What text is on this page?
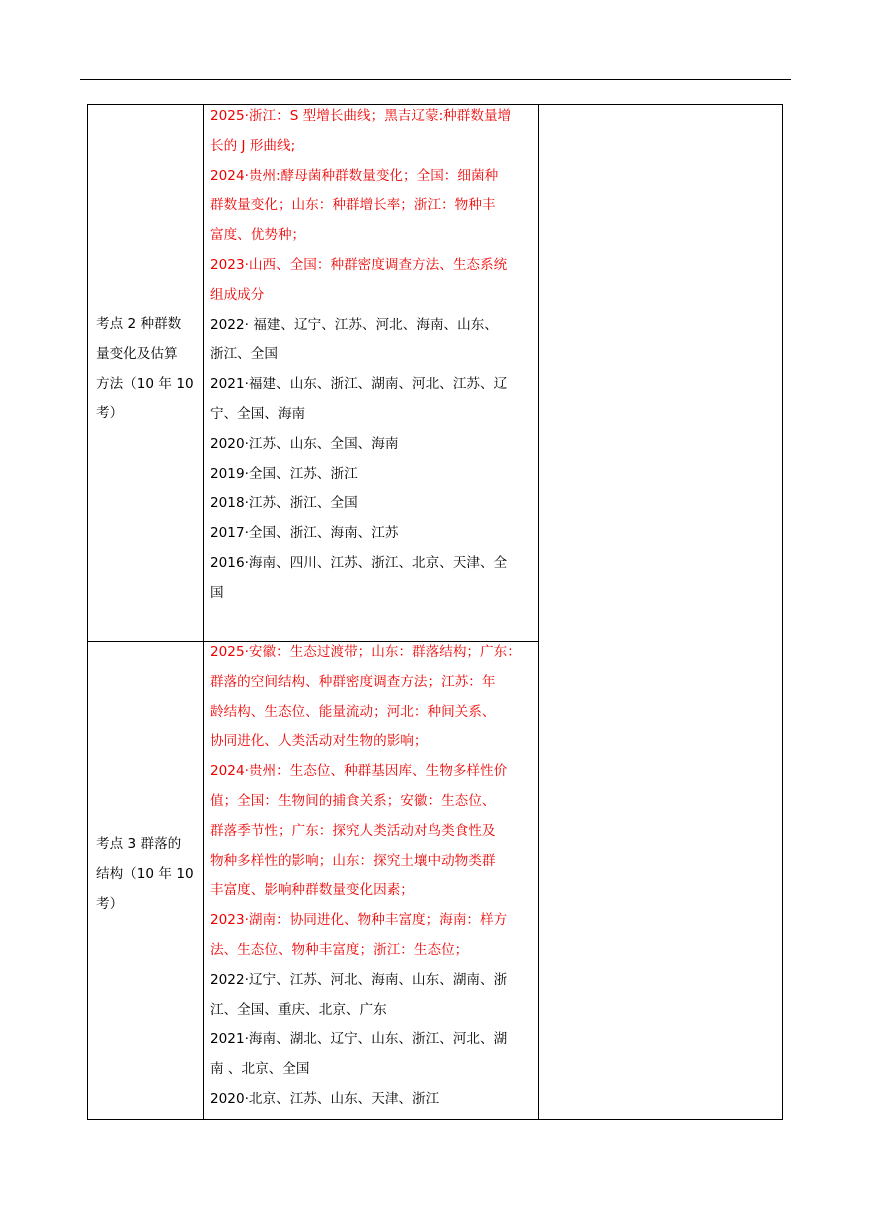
考点 2 种群数
量变化及估算
方法（10 年 10
考）
2025·浙江：S 型增长曲线；黑吉辽蒙:种群数量增
长的 J 形曲线;
2024·贵州:酵母菌种群数量变化；全国：细菌种
群数量变化；山东：种群增长率；浙江：物种丰
富度、优势种；
2023·山西、全国：种群密度调查方法、生态系统
组成成分
2022· 福建、辽宁、江苏、河北、海南、山东、
浙江、全国
2021·福建、山东、浙江、湖南、河北、江苏、辽
宁、全国、海南
2020·江苏、山东、全国、海南
2019·全国、江苏、浙江
2018·江苏、浙江、全国
2017·全国、浙江、海南、江苏
2016·海南、四川、江苏、浙江、北京、天津、全
国
考点 3 群落的
结构（10 年 10
考）
2025·安徽：生态过渡带；山东：群落结构；广东：
群落的空间结构、种群密度调查方法；江苏：年
龄结构、生态位、能量流动；河北：种间关系、
协同进化、人类活动对生物的影响；
2024·贵州：生态位、种群基因库、生物多样性价
值；全国：生物间的捕食关系；安徽：生态位、
群落季节性；广东：探究人类活动对鸟类食性及
物种多样性的影响；山东：探究土壤中动物类群
丰富度、影响种群数量变化因素；
2023·湖南：协同进化、物种丰富度；海南：样方
法、生态位、物种丰富度；浙江：生态位；
2022·辽宁、江苏、河北、海南、山东、湖南、浙
江、全国、重庆、北京、广东
2021·海南、湖北、辽宁、山东、浙江、河北、湖
南 、北京、全国
2020·北京、江苏、山东、天津、浙江
